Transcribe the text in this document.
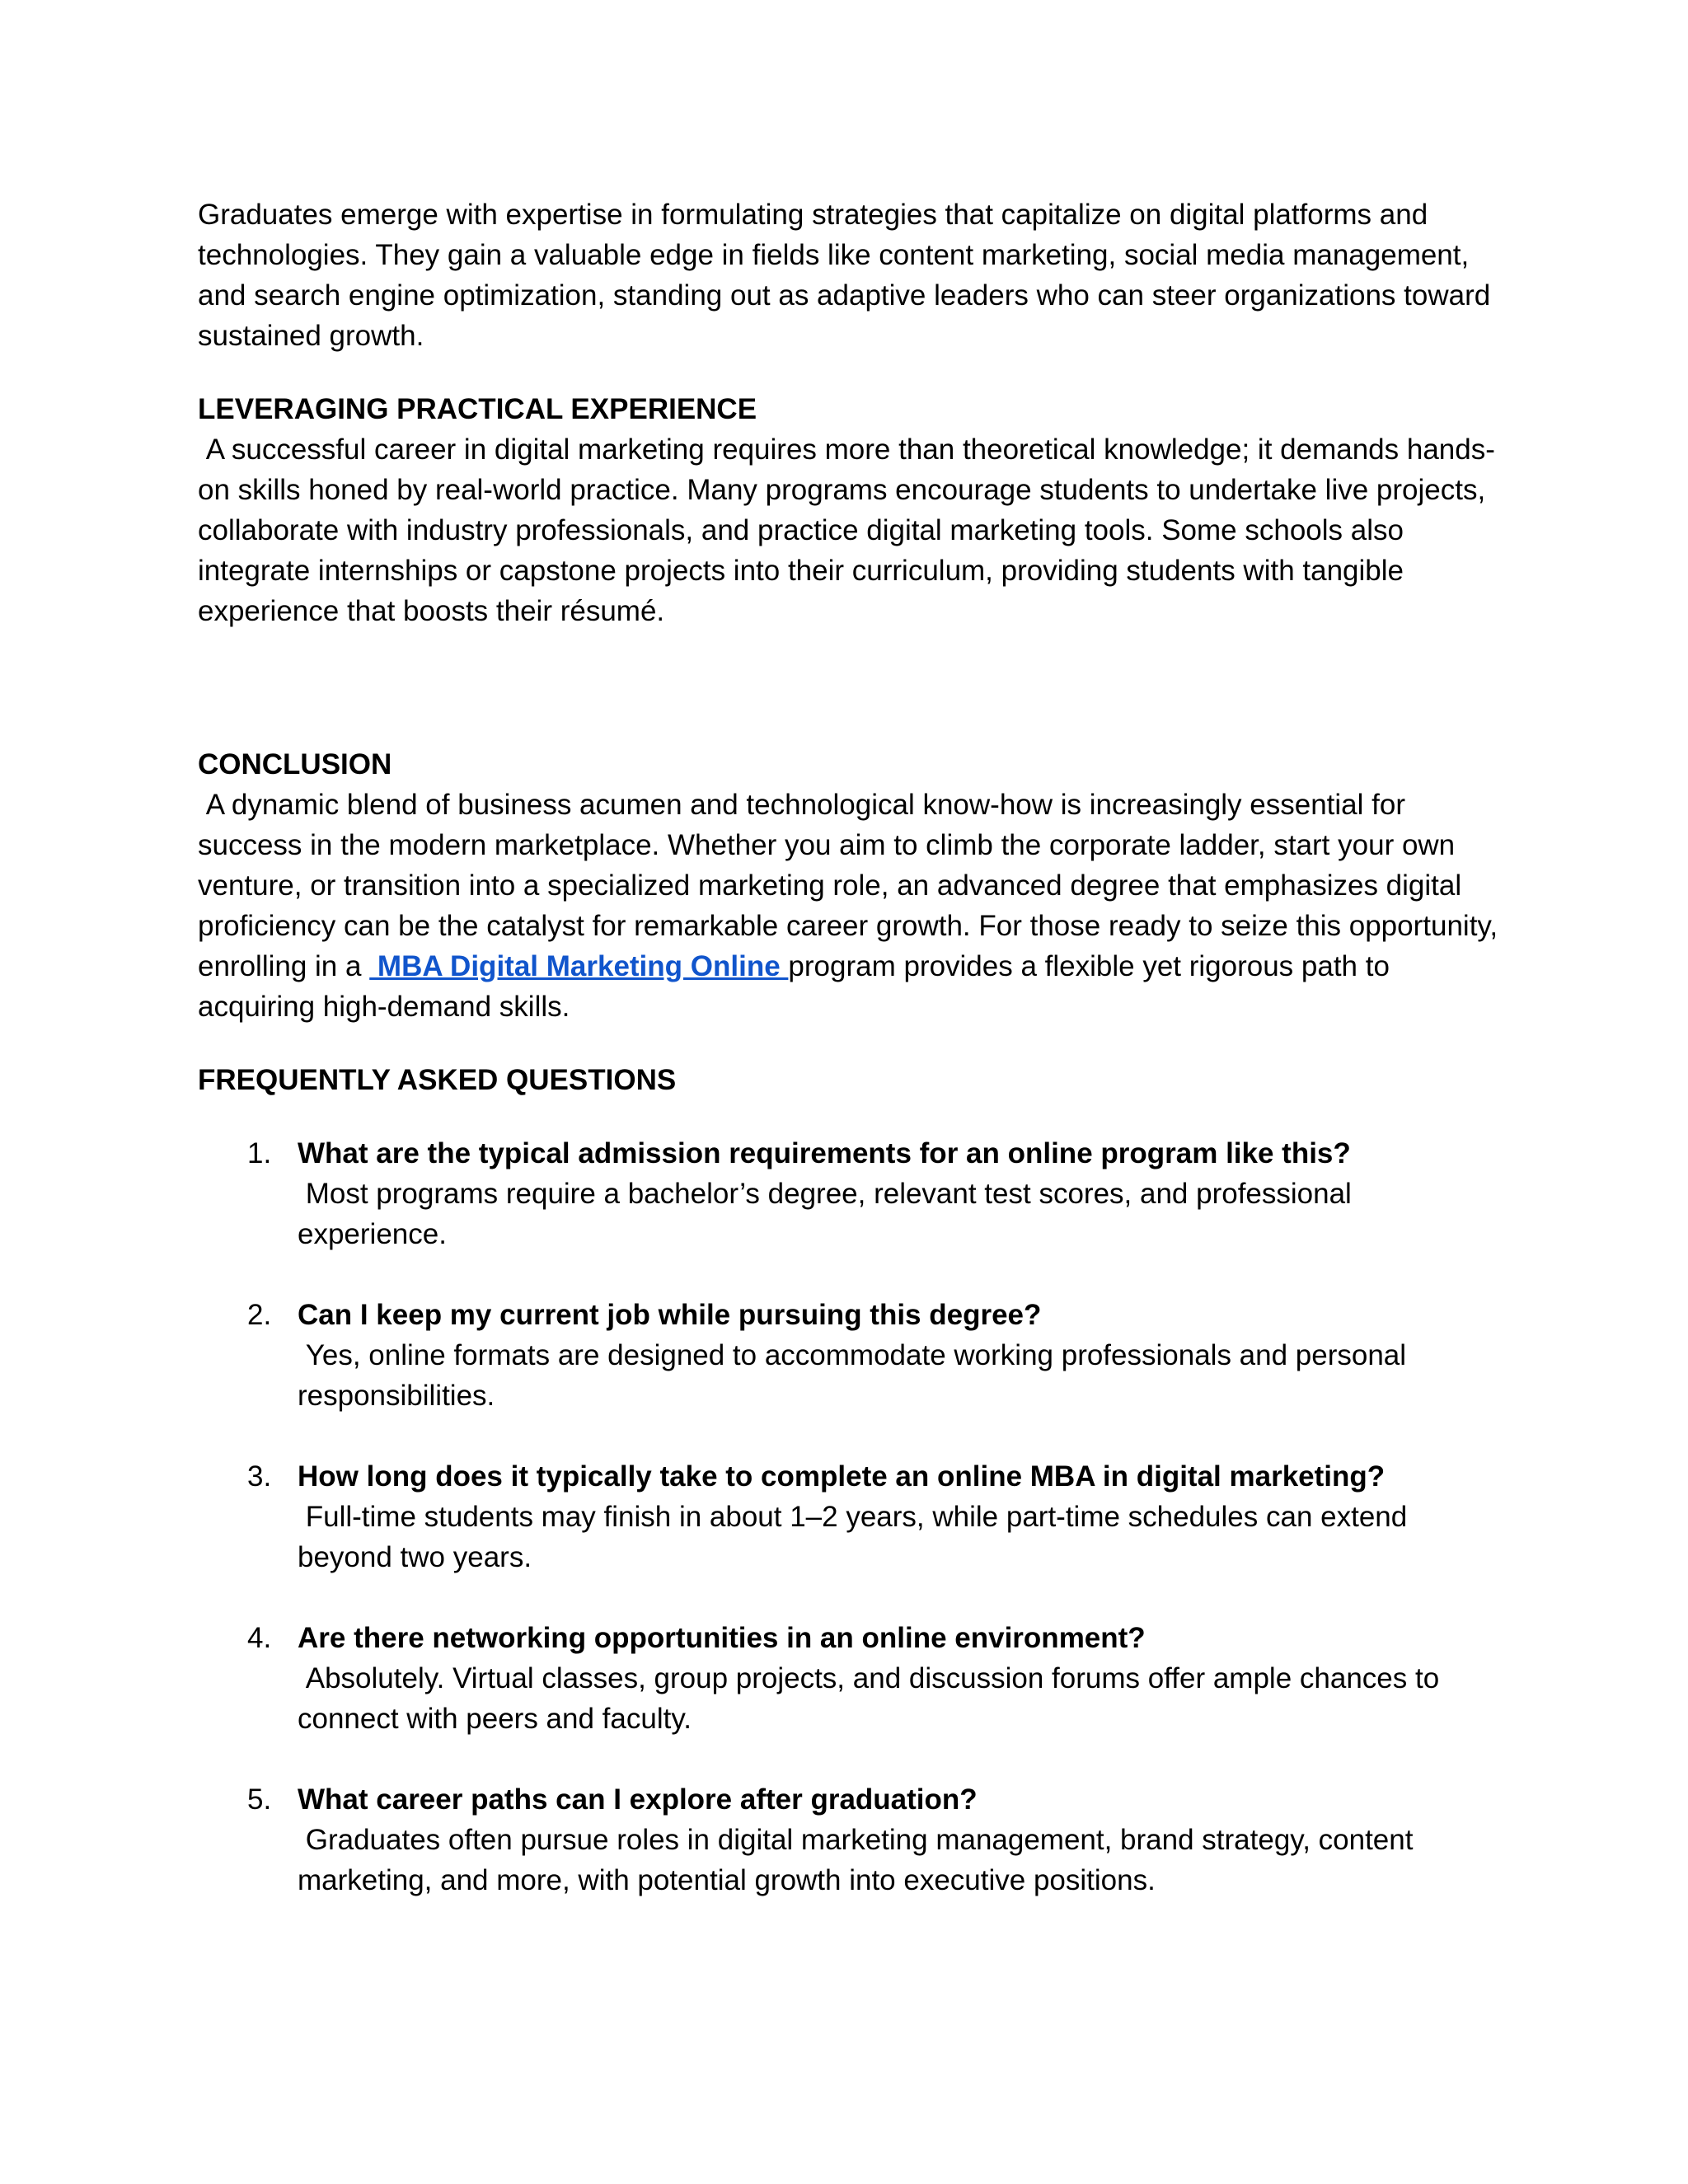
Graduates emerge with expertise in formulating strategies that capitalize on digital platforms and technologies. They gain a valuable edge in fields like content marketing, social media management, and search engine optimization, standing out as adaptive leaders who can steer organizations toward sustained growth.

LEVERAGING PRACTICAL EXPERIENCE

A successful career in digital marketing requires more than theoretical knowledge; it demands hands-on skills honed by real-world practice. Many programs encourage students to undertake live projects, collaborate with industry professionals, and practice digital marketing tools. Some schools also integrate internships or capstone projects into their curriculum, providing students with tangible experience that boosts their résumé.

CONCLUSION

A dynamic blend of business acumen and technological know-how is increasingly essential for success in the modern marketplace. Whether you aim to climb the corporate ladder, start your own venture, or transition into a specialized marketing role, an advanced degree that emphasizes digital proficiency can be the catalyst for remarkable career growth. For those ready to seize this opportunity, enrolling in a  MBA Digital Marketing Online program provides a flexible yet rigorous path to acquiring high-demand skills.

FREQUENTLY ASKED QUESTIONS
1. What are the typical admission requirements for an online program like this?

Most programs require a bachelor’s degree, relevant test scores, and professional experience.

2. Can I keep my current job while pursuing this degree?

Yes, online formats are designed to accommodate working professionals and personal responsibilities.

3. How long does it typically take to complete an online MBA in digital marketing?

Full-time students may finish in about 1–2 years, while part-time schedules can extend beyond two years.

4. Are there networking opportunities in an online environment?

Absolutely. Virtual classes, group projects, and discussion forums offer ample chances to connect with peers and faculty.

5. What career paths can I explore after graduation?

Graduates often pursue roles in digital marketing management, brand strategy, content marketing, and more, with potential growth into executive positions.
